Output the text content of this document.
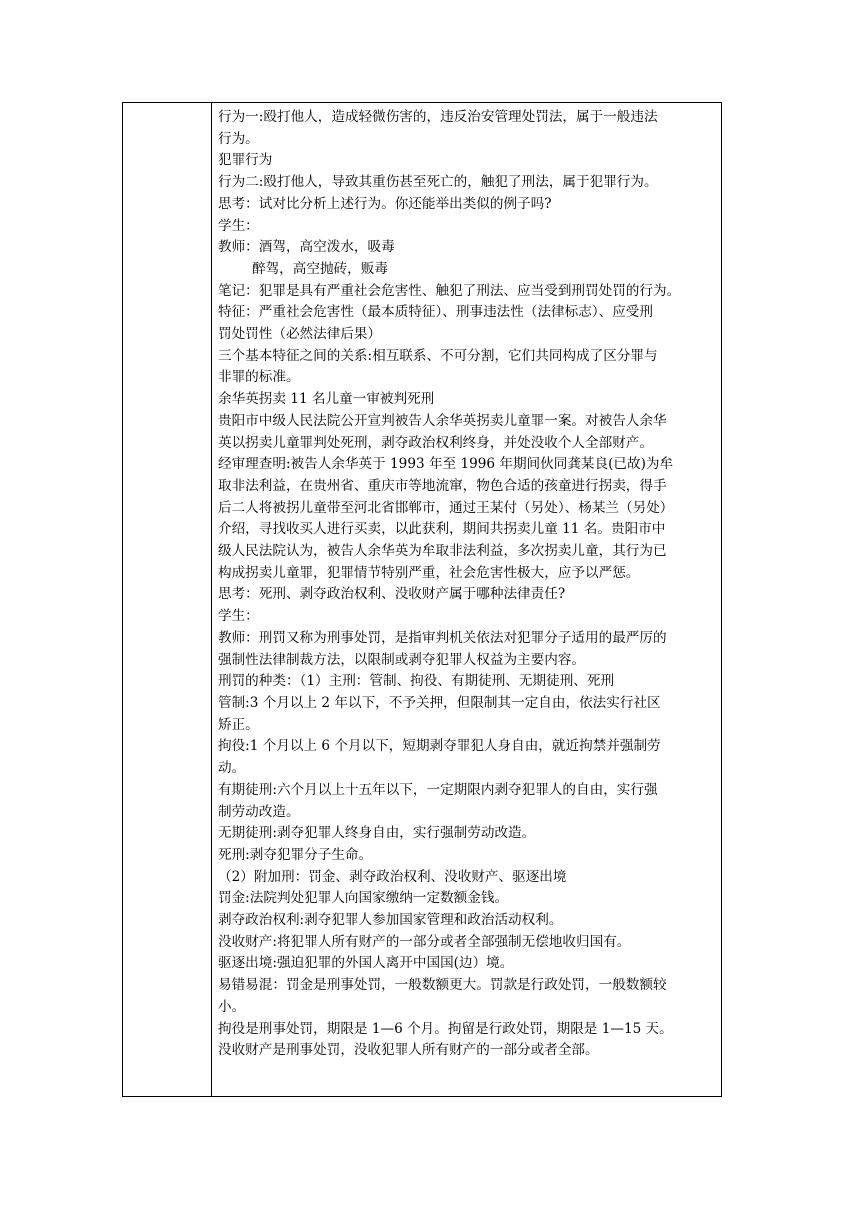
行为一:殴打他人，造成轻微伤害的，违反治安管理处罚法，属于一般违法
行为。
犯罪行为
行为二:殴打他人，导致其重伤甚至死亡的，触犯了刑法，属于犯罪行为。
思考：试对比分析上述行为。你还能举出类似的例子吗?
学生：
教师：酒驾，高空泼水，吸毒
醉驾，高空抛砖，贩毒
笔记：犯罪是具有严重社会危害性、触犯了刑法、应当受到刑罚处罚的行为。
特征：严重社会危害性（最本质特征）、刑事违法性（法律标志）、应受刑
罚处罚性（必然法律后果）
三个基本特征之间的关系:相互联系、不可分割，它们共同构成了区分罪与
非罪的标准。
余华英拐卖 11 名儿童一审被判死刑
贵阳市中级人民法院公开宣判被告人余华英拐卖儿童罪一案。对被告人余华
英以拐卖儿童罪判处死刑，剥夺政治权利终身，并处没收个人全部财产。
经审理查明:被告人余华英于 1993 年至 1996 年期间伙同龚某良(已故)为牟
取非法利益，在贵州省、重庆市等地流窜，物色合适的孩童进行拐卖，得手
后二人将被拐儿童带至河北省邯郸市，通过王某付（另处）、杨某兰（另处）
介绍，寻找收买人进行买卖，以此获利，期间共拐卖儿童 11 名。贵阳市中
级人民法院认为，被告人余华英为牟取非法利益，多次拐卖儿童，其行为已
构成拐卖儿童罪，犯罪情节特别严重，社会危害性极大，应予以严惩。
思考：死刑、剥夺政治权利、没收财产属于哪种法律责任?
学生：
教师：刑罚又称为刑事处罚，是指审判机关依法对犯罪分子适用的最严厉的
强制性法律制裁方法，以限制或剥夺犯罪人权益为主要内容。
刑罚的种类：（1）主刑：管制、拘役、有期徒刑、无期徒刑、死刑
管制:3 个月以上 2 年以下，不予关押，但限制其一定自由，依法实行社区
矫正。
拘役:1 个月以上 6 个月以下，短期剥夺罪犯人身自由，就近拘禁并强制劳
动。
有期徒刑:六个月以上十五年以下，一定期限内剥夺犯罪人的自由，实行强
制劳动改造。
无期徒刑:剥夺犯罪人终身自由，实行强制劳动改造。
死刑:剥夺犯罪分子生命。
（2）附加刑：罚金、剥夺政治权利、没收财产、驱逐出境
罚金:法院判处犯罪人向国家缴纳一定数额金钱。
剥夺政治权利:剥夺犯罪人参加国家管理和政治活动权利。
没收财产:将犯罪人所有财产的一部分或者全部强制无偿地收归国有。
驱逐出境:强迫犯罪的外国人离开中国国(边）境。
易错易混：罚金是刑事处罚，一般数额更大。罚款是行政处罚，一般数额较
小。
拘役是刑事处罚，期限是 1—6 个月。拘留是行政处罚，期限是 1—15 天。
没收财产是刑事处罚，没收犯罪人所有财产的一部分或者全部。
